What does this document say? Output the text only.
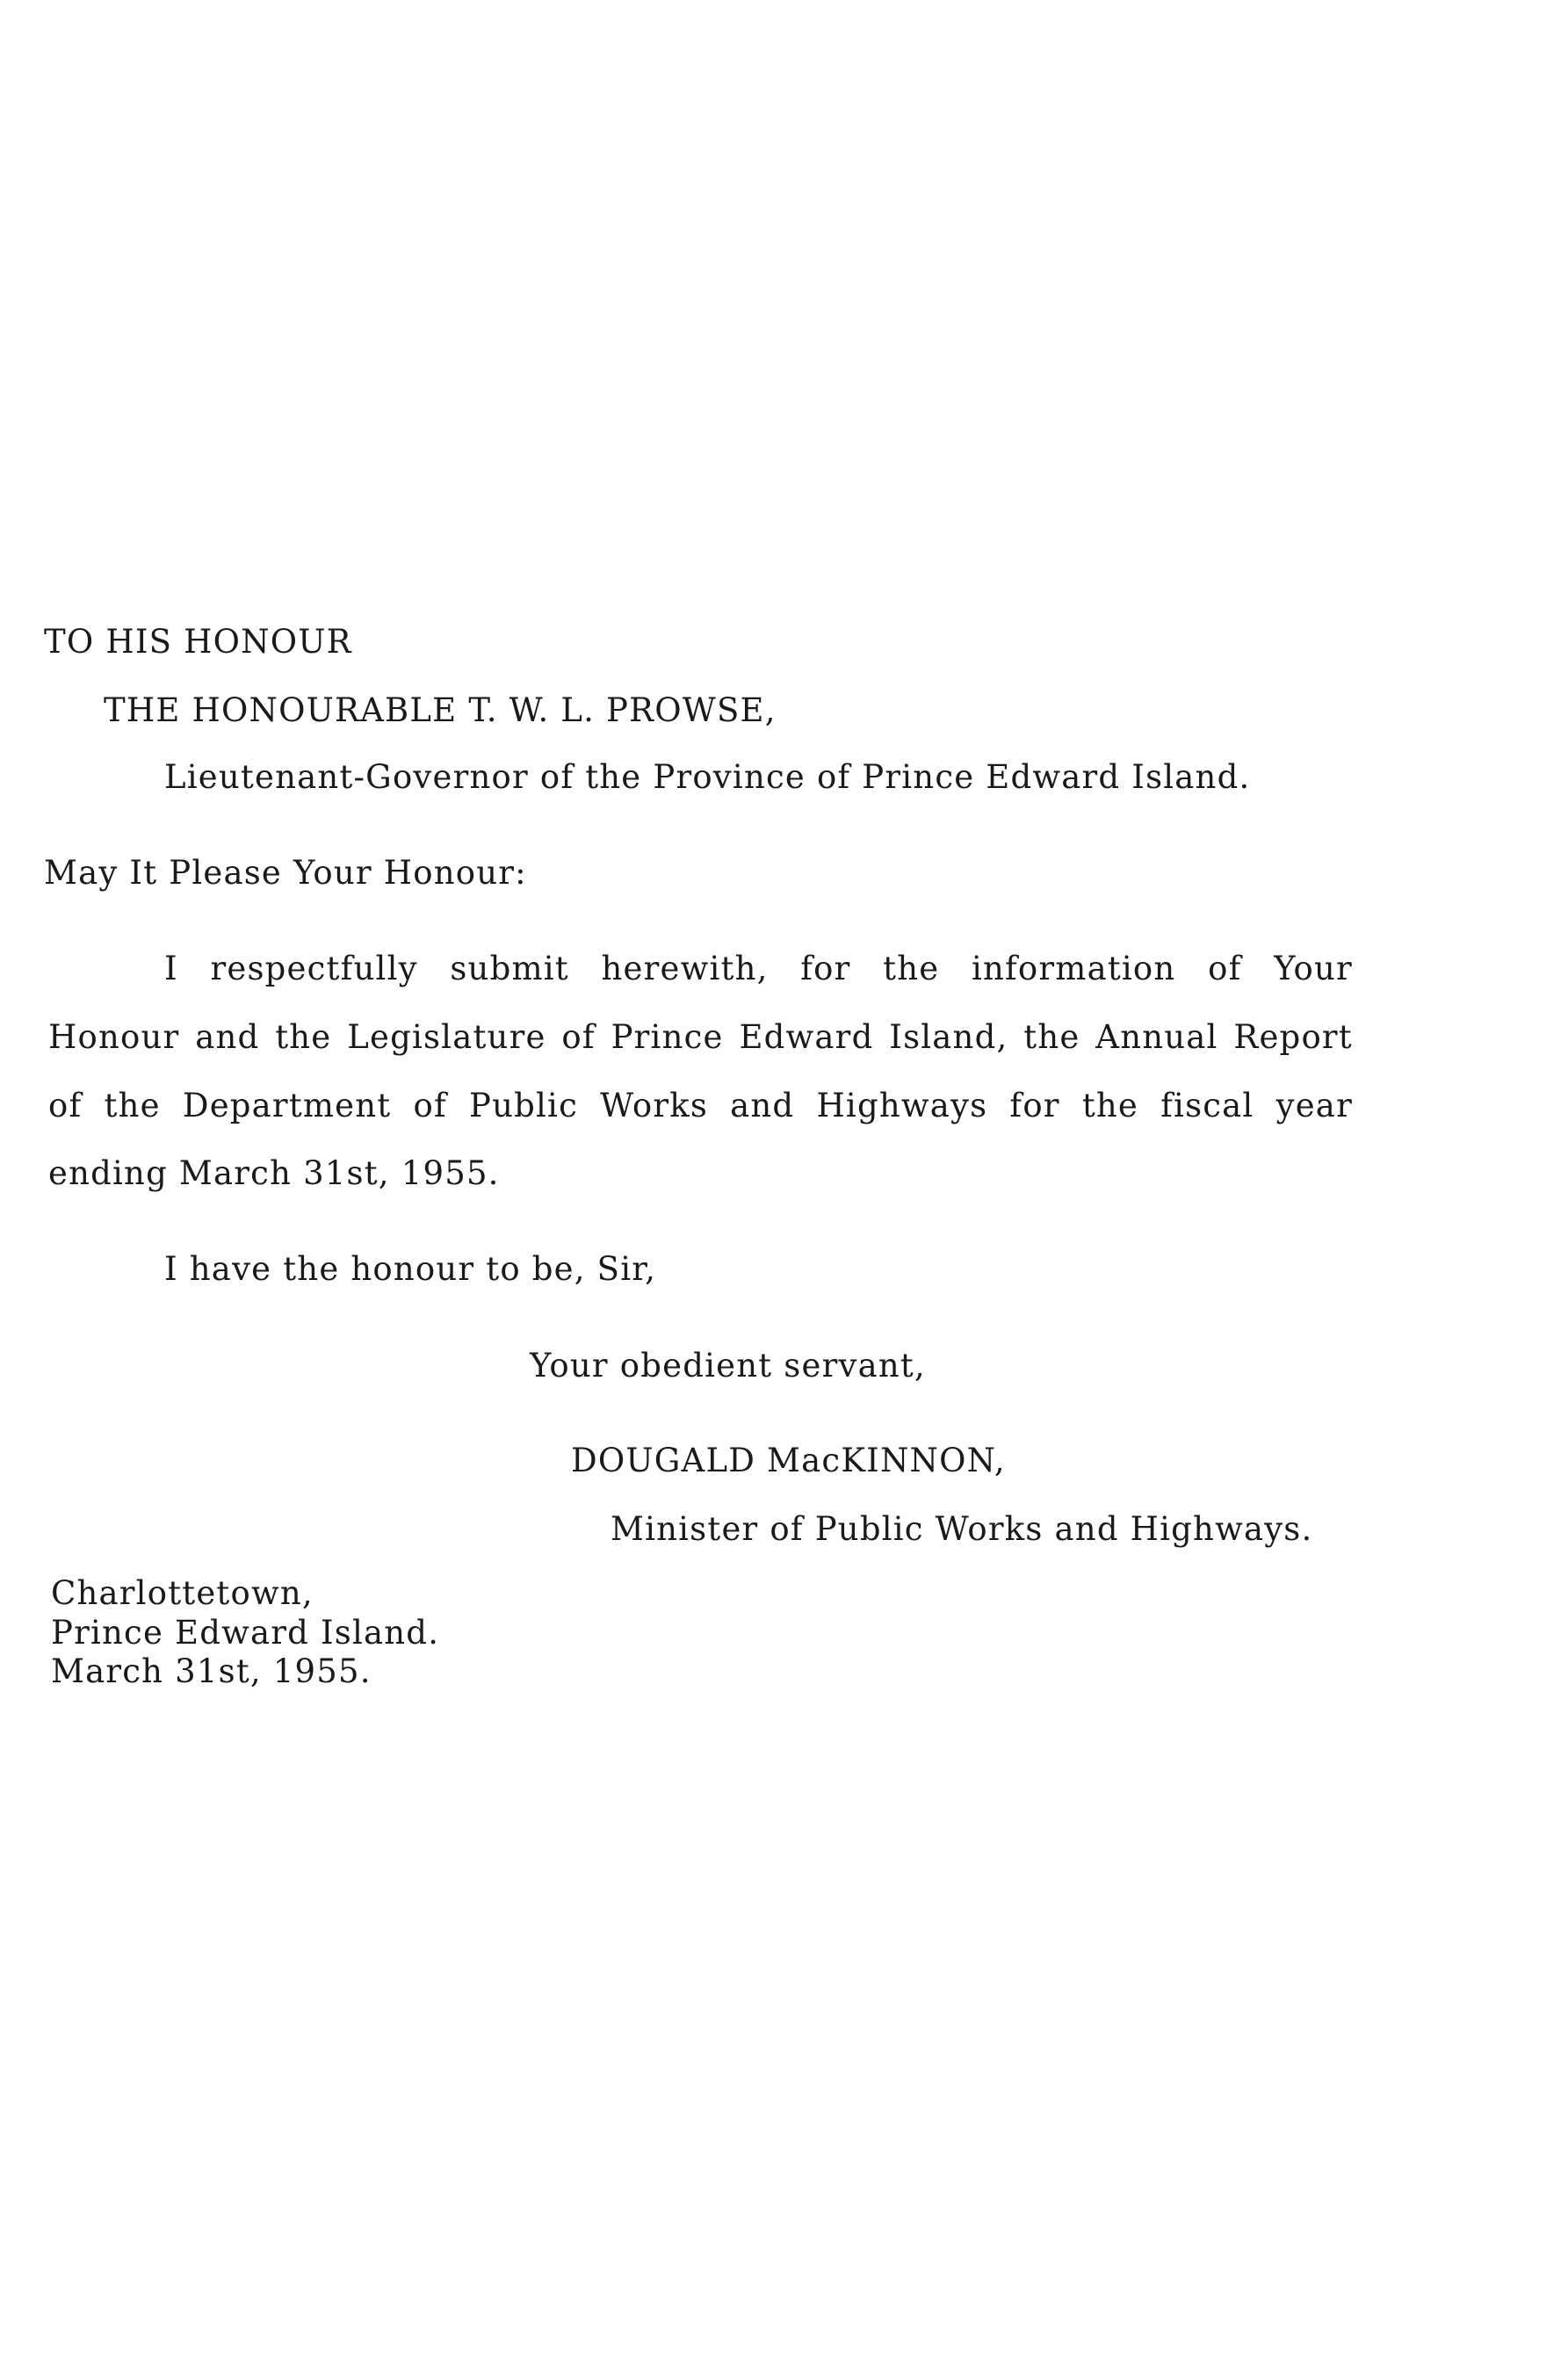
TO HIS HONOUR
THE HONOURABLE T. W. L. PROWSE,
Lieutenant-Governor of the Province of Prince Edward Island.
May It Please Your Honour:
I respectfully submit herewith, for the information of Your
Honour and the Legislature of Prince Edward Island, the Annual Report
of the Department of Public Works and Highways for the fiscal year
ending March 31st, 1955.
I have the honour to be, Sir,
Your obedient servant,
DOUGALD MacKINNON,
Minister of Public Works and Highways.
Charlottetown,
Prince Edward Island.
March 31st, 1955.
